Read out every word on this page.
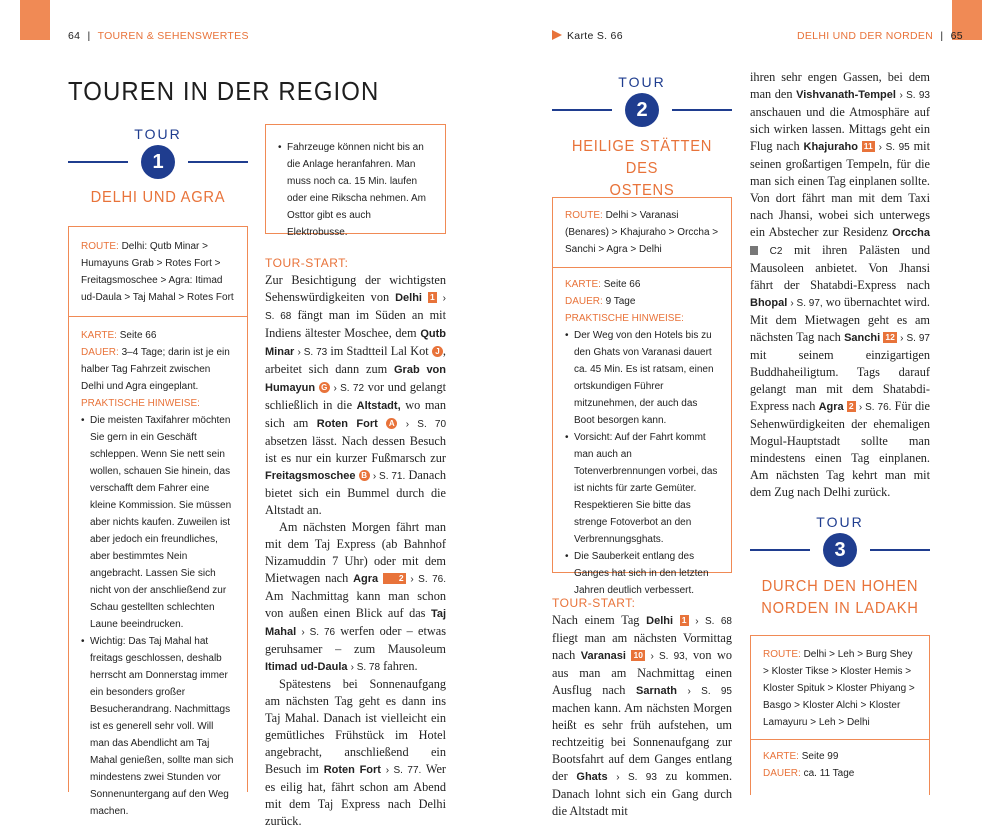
64 | TOUREN & SEHENSWERTES	Karte S. 66	DELHI UND DER NORDEN | 65
TOUREN IN DER REGION
TOUR
1
DELHI UND AGRA
ROUTE: Delhi: Qutb Minar > Humayuns Grab > Rotes Fort > Freitagsmoschee > Agra: Itimad ud-Daula > Taj Mahal > Rotes Fort
KARTE: Seite 66
DAUER: 3–4 Tage; darin ist je ein halber Tag Fahrzeit zwischen Delhi und Agra eingeplant.
PRAKTISCHE HINWEISE:
• Die meisten Taxifahrer möchten Sie gern in ein Geschäft schleppen. Wenn Sie nett sein wollen, schauen Sie hinein, das verschafft dem Fahrer eine kleine Kommission. Sie müssen aber nichts kaufen. Zuweilen ist aber jedoch ein freundliches, aber bestimmtes Nein angebracht. Lassen Sie sich nicht von der anschließend zur Schau gestellten schlechten Laune beeindrucken.
• Wichtig: Das Taj Mahal hat freitags geschlossen, deshalb herrscht am Donnerstag immer ein besonders großer Besucherandrang. Nachmittags ist es generell sehr voll. Will man das Abendlicht am Taj Mahal genießen, sollte man sich mindestens zwei Stunden vor Sonnenuntergang auf den Weg machen.
• Fahrzeuge können nicht bis an die Anlage heranfahren. Man muss noch ca. 15 Min. laufen oder eine Rikscha nehmen. Am Osttor gibt es auch Elektrobusse.
TOUR-START:

Zur Besichtigung der wichtigsten Sehenswürdigkeiten von Delhi 1 › S. 68 fängt man im Süden an mit Indiens ältester Moschee, dem Qutb Minar › S. 73 im Stadtteil Lal Kot J , arbeitet sich dann zum Grab von Humayun G › S. 72 vor und gelangt schließlich in die Altstadt, wo man sich am Roten Fort A › S. 70 absetzen lässt. Nach dessen Besuch ist es nur ein kurzer Fußmarsch zur Freitagsmoschee B › S. 71. Danach bietet sich ein Bummel durch die Altstadt an.

Am nächsten Morgen fährt man mit dem Taj Express (ab Bahnhof Nizamuddin 7 Uhr) oder mit dem Mietwagen nach Agra 2 › S. 76. Am Nachmittag kann man schon von außen einen Blick auf das Taj Mahal › S. 76 werfen oder – etwas geruhsamer – zum Mausoleum Itimad ud-Daula › S. 78 fahren.

Spätestens bei Sonnenaufgang am nächsten Tag geht es dann ins Taj Mahal. Danach ist vielleicht ein gemütliches Frühstück im Hotel angebracht, anschließend ein Besuch im Roten Fort › S. 77. Wer es eilig hat, fährt schon am Abend mit dem Taj Express nach Delhi zurück.

TOUR
2
HEILIGE STÄTTEN DES
OSTENS
ROUTE: Delhi > Varanasi (Benares) > Khajuraho > Orccha > Sanchi > Agra > Delhi
KARTE: Seite 66
DAUER: 9 Tage
PRAKTISCHE HINWEISE:
• Der Weg von den Hotels bis zu den Ghats von Varanasi dauert ca. 45 Min. Es ist ratsam, einen ortskundigen Führer mitzunehmen, der auch das Boot besorgen kann.
• Vorsicht: Auf der Fahrt kommt man auch an Totenverbrennungen vorbei, das ist nichts für zarte Gemüter. Respektieren Sie bitte das strenge Fotoverbot an den Verbrennungsghats.
• Die Sauberkeit entlang des Ganges hat sich in den letzten Jahren deutlich verbessert.
TOUR-START:

Nach einem Tag Delhi 1 › S. 68 fliegt man am nächsten Vormittag nach Varanasi 10 › S. 93, von wo aus man am Nachmittag einen Ausflug nach Sarnath › S. 95 machen kann. Am nächsten Morgen heißt es sehr früh aufstehen, um rechtzeitig bei Sonnenaufgang zur Bootsfahrt auf dem Ganges entlang der Ghats › S. 93 zu kommen. Danach lohnt sich ein Gang durch die Altstadt mit

ihren sehr engen Gassen, bei dem man den Vishvanath-Tempel › S. 93 anschauen und die Atmosphäre auf sich wirken lassen. Mittags geht ein Flug nach Khajuraho 11 › S. 95 mit seinen großartigen Tempeln, für die man sich einen Tag einplanen sollte. Von dort fährt man mit dem Taxi nach Jhansi, wobei sich unterwegs ein Abstecher zur Residenz Orccha  C2 mit ihren Palästen und Mausoleen anbietet. Von Jhansi fährt der Shatabdi-Express nach Bhopal › S. 97, wo übernachtet wird. Mit dem Mietwagen geht es am nächsten Tag nach Sanchi 12 › S. 97 mit seinem einzigartigen Buddhaheiligtum. Tags darauf gelangt man mit dem Shatabdi-Express nach Agra 2 › S. 76. Für die Sehenwürdigkeiten der ehemaligen Mogul-Hauptstadt sollte man mindestens einen Tag einplanen. Am nächsten Tag kehrt man mit dem Zug nach Delhi zurück.

TOUR
3
DURCH DEN HOHEN
NORDEN IN LADAKH
ROUTE: Delhi > Leh > Burg Shey > Kloster Tikse > Kloster Hemis > Kloster Spituk > Kloster Phiyang > Basgo > Kloster Alchi > Kloster Lamayuru > Leh > Delhi
KARTE: Seite 99
DAUER: ca. 11 Tage
